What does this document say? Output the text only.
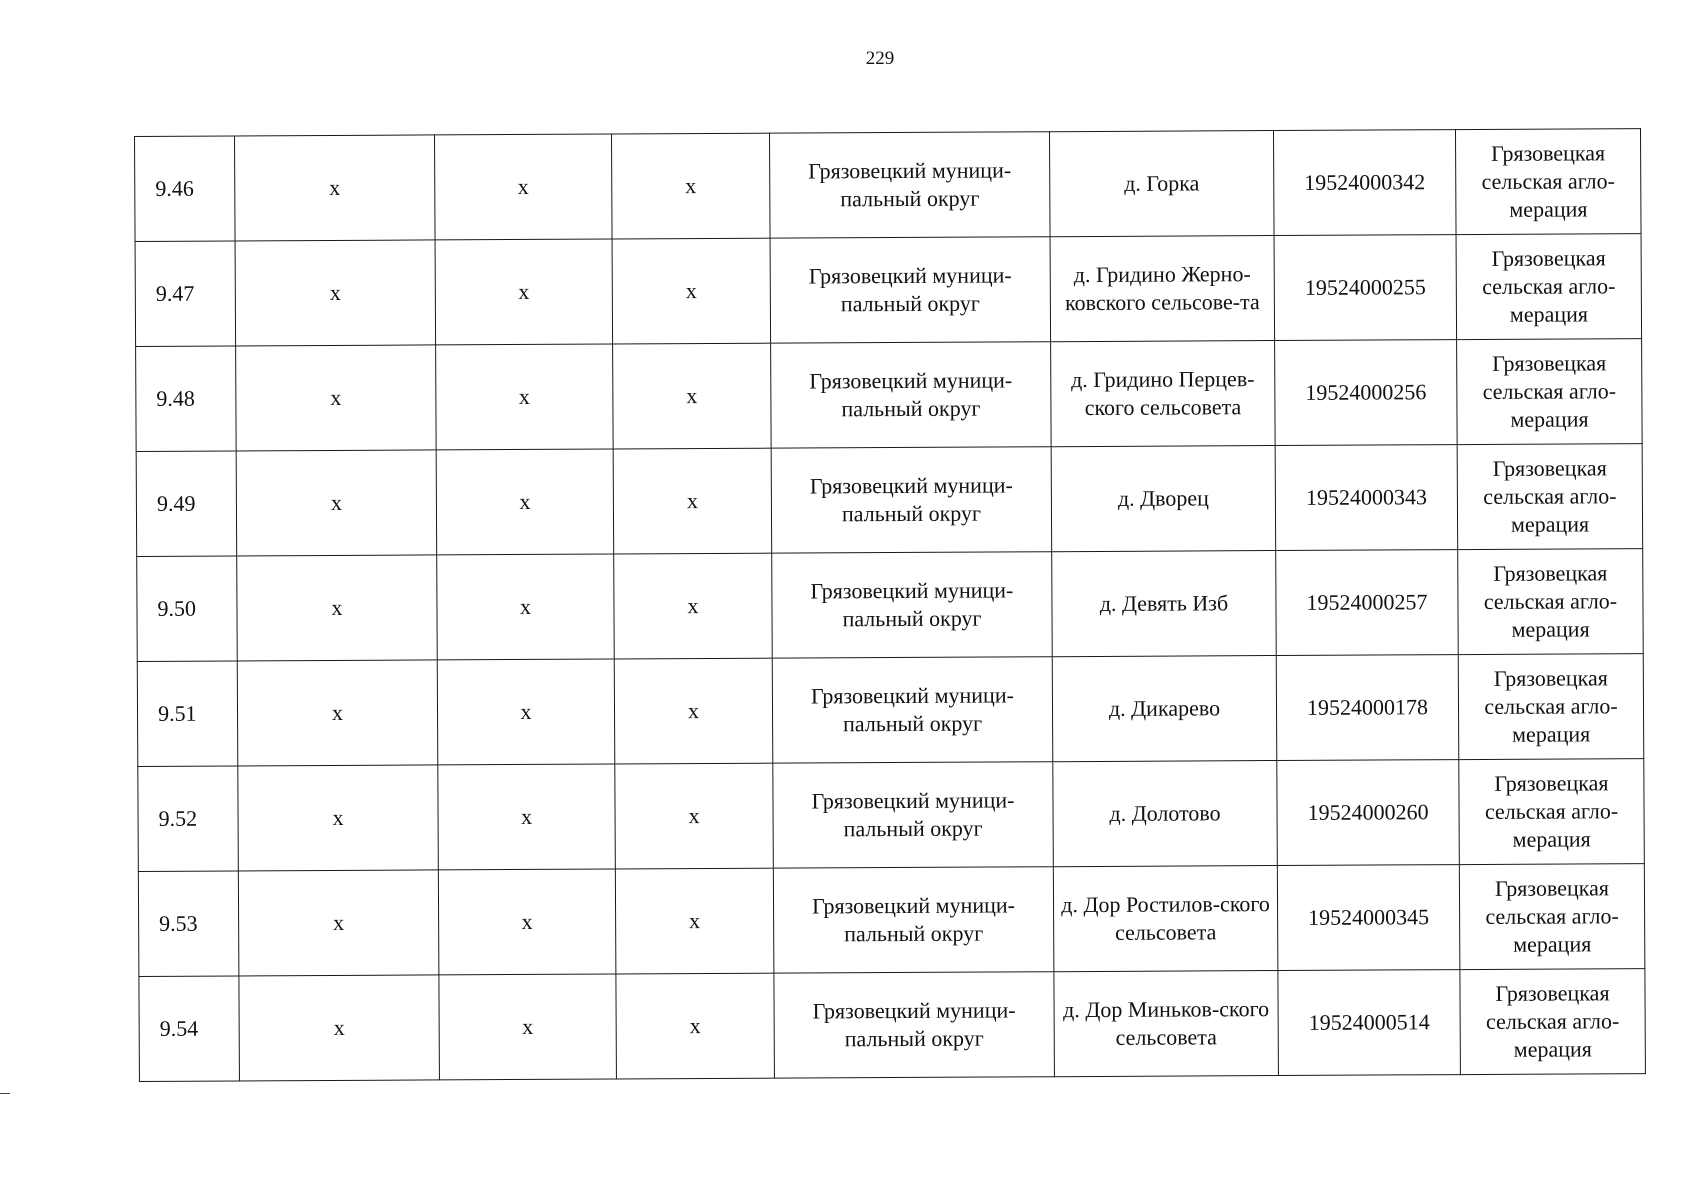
229
9.46	х	х	х	Грязовецкий муници-пальный округ	д. Горка	19524000342	Грязовецкая сельская агло-мерация
9.47	х	х	х	Грязовецкий муници-пальный округ	д. Гридино Жерно-ковского сельсове-та	19524000255	Грязовецкая сельская агло-мерация
9.48	х	х	х	Грязовецкий муници-пальный округ	д. Гридино Перцев-ского сельсовета	19524000256	Грязовецкая сельская агло-мерация
9.49	х	х	х	Грязовецкий муници-пальный округ	д. Дворец	19524000343	Грязовецкая сельская агло-мерация
9.50	х	х	х	Грязовецкий муници-пальный округ	д. Девять Изб	19524000257	Грязовецкая сельская агло-мерация
9.51	х	х	х	Грязовецкий муници-пальный округ	д. Дикарево	19524000178	Грязовецкая сельская агло-мерация
9.52	х	х	х	Грязовецкий муници-пальный округ	д. Долотово	19524000260	Грязовецкая сельская агло-мерация
9.53	х	х	х	Грязовецкий муници-пальный округ	д. Дор Ростилов-ского сельсовета	19524000345	Грязовецкая сельская агло-мерация
9.54	х	х	х	Грязовецкий муници-пальный округ	д. Дор Миньков-ского сельсовета	19524000514	Грязовецкая сельская агло-мерация
